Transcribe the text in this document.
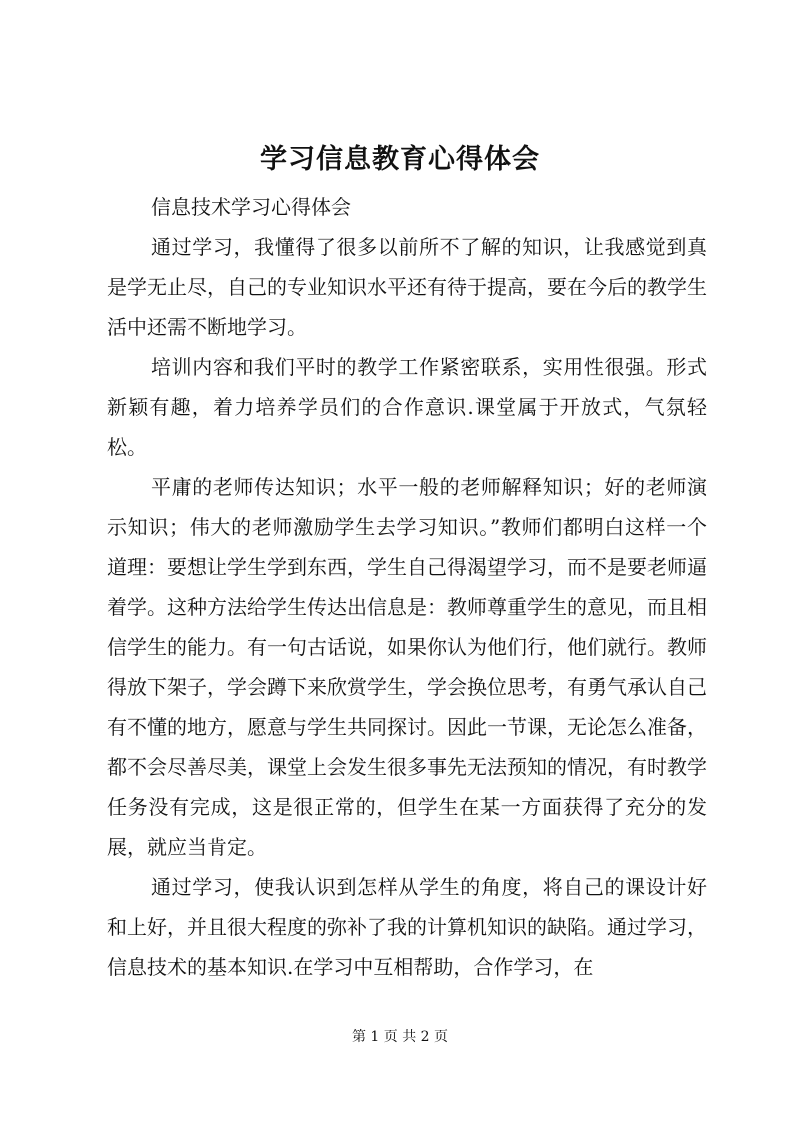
学习信息教育心得体会

信息技术学习心得体会

通过学习，我懂得了很多以前所不了解的知识，让我感觉到真是学无止尽，自己的专业知识水平还有待于提高，要在今后的教学生活中还需不断地学习。

培训内容和我们平时的教学工作紧密联系，实用性很强。形式新颖有趣，着力培养学员们的合作意识.课堂属于开放式，气氛轻松。

平庸的老师传达知识；水平一般的老师解释知识；好的老师演示知识；伟大的老师激励学生去学习知识。”教师们都明白这样一个道理：要想让学生学到东西，学生自己得渴望学习，而不是要老师逼着学。这种方法给学生传达出信息是：教师尊重学生的意见，而且相信学生的能力。有一句古话说，如果你认为他们行，他们就行。教师得放下架子，学会蹲下来欣赏学生，学会换位思考，有勇气承认自己有不懂的地方，愿意与学生共同探讨。因此一节课，无论怎么准备，都不会尽善尽美，课堂上会发生很多事先无法预知的情况，有时教学任务没有完成，这是很正常的，但学生在某一方面获得了充分的发展，就应当肯定。

通过学习，使我认识到怎样从学生的角度，将自己的课设计好和上好，并且很大程度的弥补了我的计算机知识的缺陷。通过学习，信息技术的基本知识.在学习中互相帮助，合作学习，在

第 1 页 共 2 页
